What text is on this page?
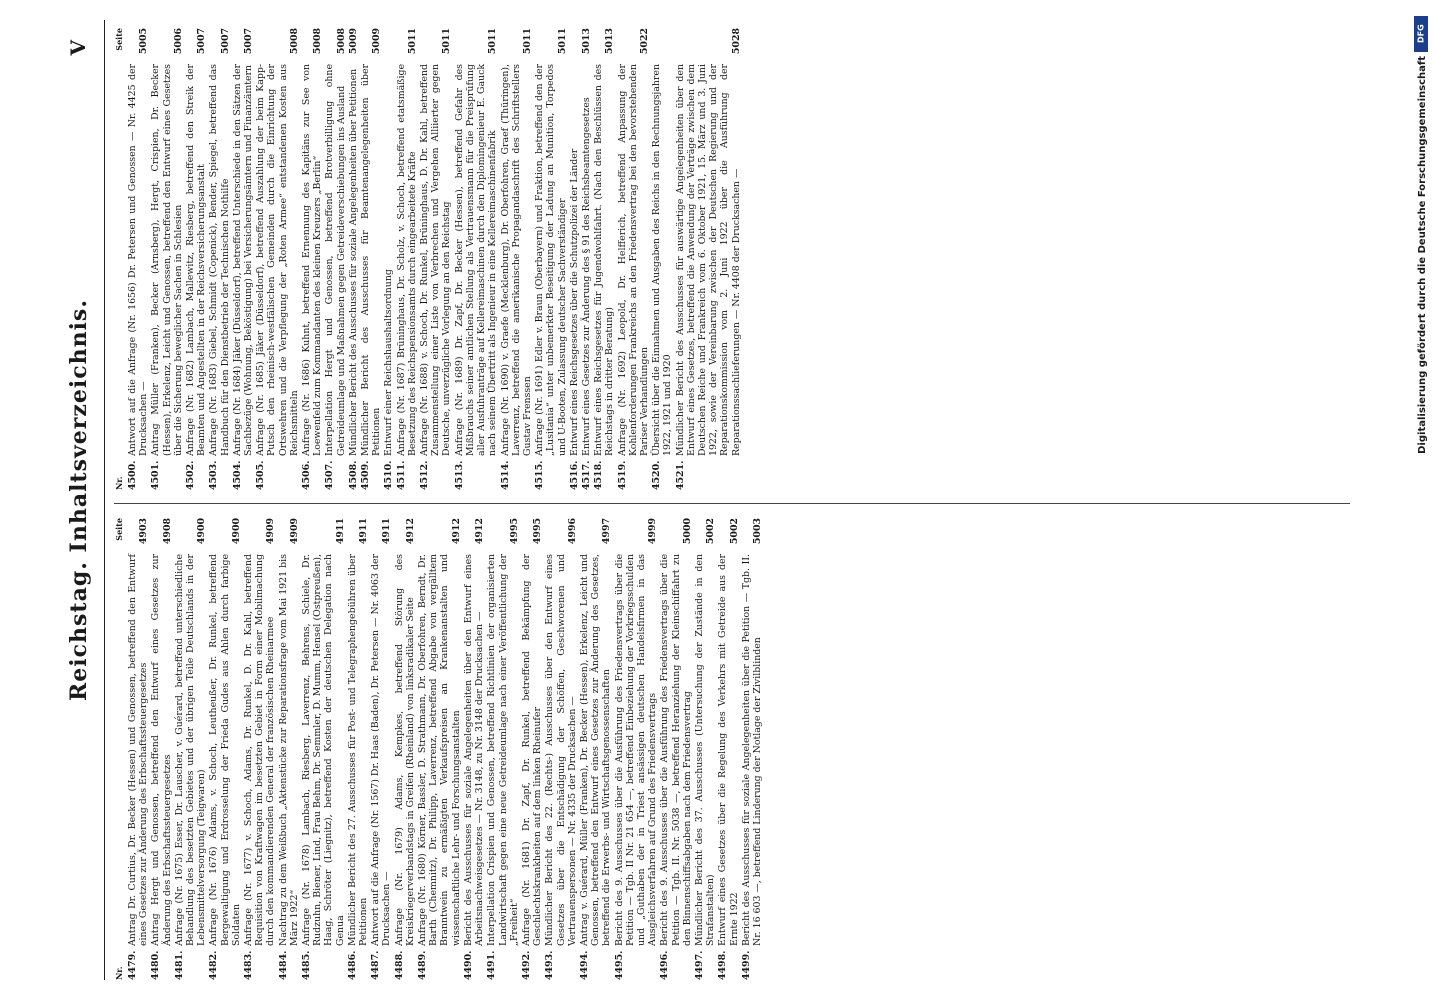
Reichstag. Inhaltsverzeichnis.
V
Nr.
Seite
4479.
Antrag Dr. Curtius, Dr. Becker (Hessen) und Genossen, betreffend den Entwurf eines Gesetzes zur Änderung des Erbschaftssteuergesetzes
4903
4480.
Antrag Hergt und Genossen, betreffend den Entwurf eines Gesetzes zur Änderung des Erbschaftssteuergesetzes
4908
4481.
Anfrage (Nr. 1675) Esser, Dr. Lauscher, v. Guérard, betreffend unterschiedliche Behandlung des besetzten Gebietes und der übrigen Teile Deutschlands in der Lebensmittelversorgung (Teigwaren)
4900
4482.
Anfrage (Nr. 1676) Adams, v. Schoch, Leutheußer, Dr. Runkel, betreffend Bergewaltigung und Erdrosselung der Frieda Gudes aus Ahlen durch farbige Soldaten
4900
4483.
Anfrage (Nr. 1677) v. Schoch, Adams, Dr. Runkel, D. Dr. Kahl, betreffend Requisition von Kraftwagen im besetzten Gebiet in Form einer Mobilmachung durch den kommandierenden General der französischen Rheinarmee
4909
4484.
Nachtrag zu dem Weißbuch „Aktenstücke zur Reparationsfrage vom Mai 1921 bis März 1922“
4909
4485.
Anfrage (Nr. 1678) Lambach, Riesberg, Laverrenz, Behrens, Schiele, Dr. Rudzuhn, Biener, Lind, Frau Behm, Dr. Semmler, D. Mumm, Hensel (Ostpreußen), Haag, Schröter (Liegnitz), betreffend Kosten der deutschen Delegation nach Genua
4911
4486.
Mündlicher Bericht des 27. Ausschusses für Post- und Telegraphengebühren über Petitionen
4911
4487.
Antwort auf die Anfrage (Nr. 1567) Dr. Haas (Baden), Dr. Petersen — Nr. 4063 der Drucksachen —
4911
4488.
Anfrage (Nr. 1679) Adams, Kempkes, betreffend Störung des Kreiskriegerverbandstags in Greifen (Rheinland) von linksradikaler Seite
4912
4489.
Anfrage (Nr. 1680) Körner, Bassler, D. Strathmann, Dr. Oberfohren, Berndt, Dr. Barth (Chemnitz), Dr. Philipp, Laverrenz, betreffend Abgabe von vergälltem Branntwein zu ermäßigten Verkaufspreisen an Krankenanstalten und wissenschaftliche Lehr- und Forschungsanstalten
4912
4490.
Bericht des Ausschusses für soziale Angelegenheiten über den Entwurf eines Arbeitsnachweisgesetzes — Nr. 3148, zu Nr. 3148 der Drucksachen —
4912
4491.
Interpellation Crispien und Genossen, betreffend Richtlinien der organisierten Landwirtschaft gegen eine neue Getreideumlage nach einer Veröffentlichung der „Freiheit“
4995
4492.
Anfrage (Nr. 1681) Dr. Zapf, Dr. Runkel, betreffend Bekämpfung der Geschlechtskrankheiten auf dem linken Rheinufer
4995
4493.
Mündlicher Bericht des 22. (Rechts-) Ausschusses über den Entwurf eines Gesetzes über die Entschädigung der Schöffen, Geschworenen und Vertrauenspersonen — Nr. 4335 der Drucksachen —
4996
4494.
Antrag v. Guérard, Müller (Franken), Dr. Becker (Hessen), Erkelenz, Leicht und Genossen, betreffend den Entwurf eines Gesetzes zur Änderung des Gesetzes, betreffend die Erwerbs- und Wirtschaftsgenossenschaften
4997
4495.
Bericht des 9. Ausschusses über die Ausführung des Friedensvertrags über die Petition — Tgb. II Nr. 21 654 —, betreffend Einbeziehung der Vorkriegsschulden und „Guthaben der in Triest ansässigen deutschen Handelsfirmen in das Ausgleichsverfahren auf Grund des Friedensvertrags
4999
4496.
Bericht des 9. Ausschusses über die Ausführung des Friedensvertrags über die Petition — Tgb. II. Nr. 5038 —, betreffend Heranziehung der Kleinschiffahrt zu den Binnenschiffsabgaben nach dem Friedensvertrag
5000
4497.
Mündlicher Bericht des 37. Ausschusses (Untersuchung der Zustände in den Strafanstalten)
5002
4498.
Entwurf eines Gesetzes über die Regelung des Verkehrs mit Getreide aus der Ernte 1922
5002
4499.
Bericht des Ausschusses für soziale Angelegenheiten über die Petition — Tgb. II. Nr. 16 603 —, betreffend Linderung der Notlage der Zivilblinden
5003
Nr.
Seite
4500.
Antwort auf die Anfrage (Nr. 1656) Dr. Petersen und Genossen — Nr. 4425 der Drucksachen —
5005
4501.
Antrag Müller (Franken), Becker (Arnsberg), Hergt, Crispien, Dr. Becker (Hessen), Erkelenz, Leicht und Genossen, betreffend den Entwurf eines Gesetzes über die Sicherung beweglicher Sachen in Schlesien
5006
4502.
Anfrage (Nr. 1682) Lambach, Mallewitz, Riesberg, betreffend den Streik der Beamten und Angestellten in der Reichsversicherungsanstalt
5007
4503.
Anfrage (Nr. 1683) Giebel, Schmidt (Copenick), Bender, Spiegel, betreffend das Handbuch für den Dienstbetrieb der Technischen Nothilfe
5007
4504.
Anfrage (Nr. 1684) Jäker (Düsseldorf), betreffend Unterschiede in den Sätzen der Sachbezüge (Wohnung, Beköstigung) bei Versicherungsämtern und Finanzämtern
5007
4505.
Anfrage (Nr. 1685) Jäker (Düsseldorf), betreffend Auszahlung der beim Kapp-Putsch den rheinisch-westfälischen Gemeinden durch die Einrichtung der Ortswehren und die Verpflegung der „Roten Armee“ entstandenen Kosten aus Reichsmitteln
5008
4506.
Anfrage (Nr. 1686) Kuhnt, betreffend Ernennung des Kapitäns zur See von Loewenfeld zum Kommandanten des kleinen Kreuzers „Berlin“
5008
4507.
Interpellation Hergt und Genossen, betreffend Brotverbilligung ohne Getreideumlage und Maßnahmen gegen Getreideverschiebungen ins Ausland
5008
4508.
Mündlicher Bericht des Ausschusses für soziale Angelegenheiten über Petitionen
5009
4509.
Mündlicher Bericht des Ausschusses für Beamtenangelegenheiten über Petitionen
5009
4510.
Entwurf einer Reichshaushaltsordnung
4511.
Anfrage (Nr. 1687) Brüninghaus, Dr. Scholz, v. Schoch, betreffend etatsmäßige Besetzung des Reichspensionsamts durch eingearbeitete Kräfte
5011
4512.
Anfrage (Nr. 1688) v. Schoch, Dr. Runkel, Brüninghaus, D. Dr. Kahl, betreffend Zusammenstellung einer Liste von Verbrechen und Vergehen Alliierter gegen Deutsche, unverzügliche Vorlegung an den Reichstag
5011
4513.
Anfrage (Nr. 1689) Dr. Zapf, Dr. Becker (Hessen), betreffend Gefahr des Mißbrauchs seiner amtlichen Stellung als Vertrauensmann für die Preisprüfung aller Ausfuhranträge auf Kellereimaschinen durch den Diplomingenieur E. Gauck nach seinem Übertritt als Ingenieur in eine Kellereimaschinenfabrik
5011
4514.
Anfrage (Nr. 1690) v. Graefe (Mecklenburg), Dr. Oberfohren, Graef (Thüringen), Laverrenz, betreffend die amerikanische Propagandaschrift des Schriftstellers Gustav Frenssen
5011
4515.
Anfrage (Nr. 1691) Edler v. Braun (Oberbayern) und Fraktion, betreffend den der „Lusitania“ unter unbemerkter Beseitigung der Ladung an Munition, Torpedos und U-Booten, Zulassung deutscher Sachverständiger
5011
4516.
Entwurf eines Reichsgesetzes über die Schutzpolizei der Länder
4517.
Entwurf eines Gesetzes zur Änderung des § 91 des Reichsbeamtengesetzes
5013
4518.
Entwurf eines Reichsgesetzes für Jugendwohlfahrt. (Nach den Beschlüssen des Reichstags in dritter Beratung)
5013
4519.
Anfrage (Nr. 1692) Leopold, Dr. Helfferich, betreffend Anpassung der Kohlenforderungen Frankreichs an den Friedensvertrag bei den bevorstehenden Pariser Verhandlungen
5022
4520.
Übersicht über die Einnahmen und Ausgaben des Reichs in den Rechnungsjahren 1922, 1921 und 1920
4521.
Mündlicher Bericht des Ausschusses für auswärtige Angelegenheiten über den Entwurf eines Gesetzes, betreffend die Anwendung der Verträge zwischen dem Deutschen Reiche und Frankreich vom 6. Oktober 1921, 15. März und 3. Juni 1922, sowie der Vereinbarung zwischen der Deutschen Regierung und der Reparationskommission vom 2. Juni 1922 über die Ausführung der Reparationssachlieferungen — Nr. 4408 der Drucksachen —
5028	DFG
Digitalisierung gefördert durch die Deutsche Forschungsgemeinschaft
